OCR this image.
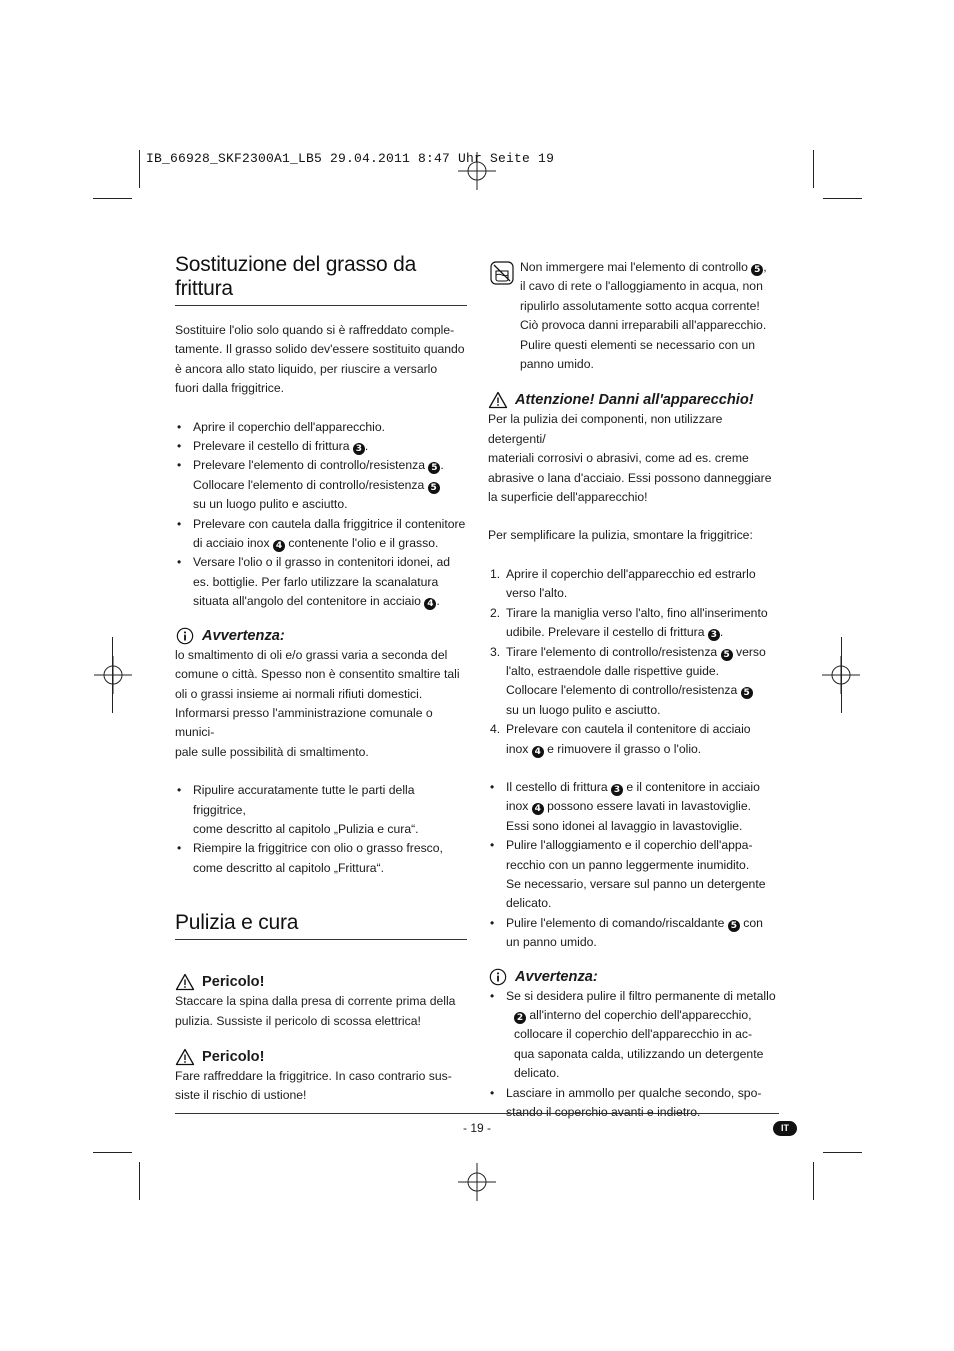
IB_66928_SKF2300A1_LB5 29.04.2011 8:47 Uhr Seite 19
Sostituzione del grasso da frittura

Sostituire l'olio solo quando si è raffreddato comple-

tamente. Il grasso solido dev'essere sostituito quando

è ancora allo stato liquido, per riuscire a versarlo

fuori dalla friggitrice.

• Aprire il coperchio dell'apparecchio.
• Prelevare il cestello di frittura 3 .
• Prelevare l'elemento di controllo/resistenza 5 .
Collocare l'elemento di controllo/resistenza 5
su un luogo pulito e asciutto.
• Prelevare con cautela dalla friggitrice il contenitore
di acciaio inox 4 contenente l'olio e il grasso.
• Versare l'olio o il grasso in contenitori idonei, ad
es. bottiglie. Per farlo utilizzare la scanalatura
situata all'angolo del contenitore in acciaio 4 .
Avvertenza:

lo smaltimento di oli e/o grassi varia a seconda del

comune o città. Spesso non è consentito smaltire tali

oli o grassi insieme ai normali rifiuti domestici.

Informarsi presso l'amministrazione comunale o munici-

pale sulle possibilità di smaltimento.

• Ripulire accuratamente tutte le parti della friggitrice,
come descritto al capitolo „Pulizia e cura“.
• Riempire la friggitrice con olio o grasso fresco,
come descritto al capitolo „Frittura“.
Pulizia e cura
Pericolo!

Staccare la spina dalla presa di corrente prima della

pulizia. Sussiste il pericolo di scossa elettrica!

Pericolo!

Fare raffreddare la friggitrice. In caso contrario sus-

siste il rischio di ustione!

Non immergere mai l'elemento di controllo 5 ,

il cavo di rete o l'alloggiamento in acqua, non

ripulirlo assolutamente sotto acqua corrente!

Ciò provoca danni irreparabili all'apparecchio.

Pulire questi elementi se necessario con un

panno umido.

Attenzione! Danni all'apparecchio!

Per la pulizia dei componenti, non utilizzare detergenti/

materiali corrosivi o abrasivi, come ad es. creme

abrasive o lana d'acciaio. Essi possono danneggiare

la superficie dell'apparecchio!

Per semplificare la pulizia, smontare la friggitrice:

1. Aprire il coperchio dell'apparecchio ed estrarlo
verso l'alto.
2. Tirare la maniglia verso l'alto, fino all'inserimento
udibile. Prelevare il cestello di frittura 3 .
3. Tirare l'elemento di controllo/resistenza 5 verso
l'alto, estraendole dalle rispettive guide.
Collocare l'elemento di controllo/resistenza 5
su un luogo pulito e asciutto.
4. Prelevare con cautela il contenitore di acciaio
inox 4 e rimuovere il grasso o l'olio.
• Il cestello di frittura 3 e il contenitore in acciaio
inox 4 possono essere lavati in lavastoviglie.
Essi sono idonei al lavaggio in lavastoviglie.
• Pulire l'alloggiamento e il coperchio dell'appa-
recchio con un panno leggermente inumidito.
Se necessario, versare sul panno un detergente
delicato.
• Pulire l'elemento di comando/riscaldante 5 con
un panno umido.
Avvertenza:
• Se si desidera pulire il filtro permanente di metallo
2 all'interno del coperchio dell'apparecchio,
collocare il coperchio dell'apparecchio in ac-
qua saponata calda, utilizzando un detergente
delicato.
• Lasciare in ammollo per qualche secondo, spo-

- 19 -	IT
